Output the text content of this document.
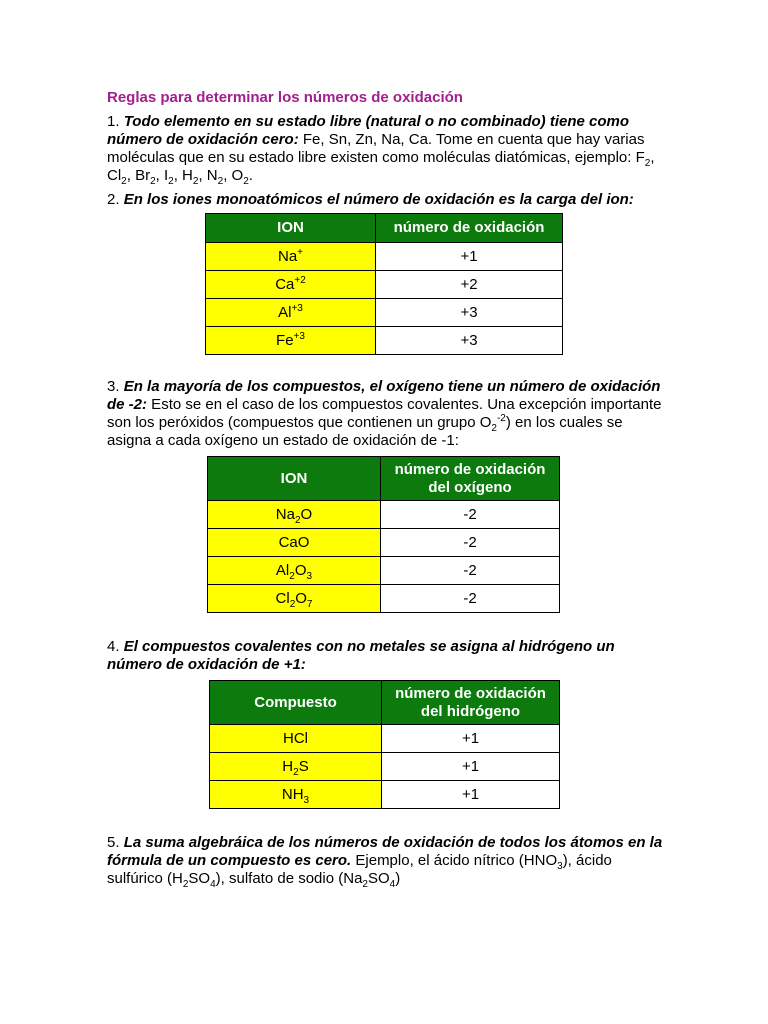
Reglas para determinar los números de oxidación
1. Todo elemento en su estado libre (natural o no combinado) tiene como número de oxidación cero: Fe, Sn, Zn, Na, Ca. Tome en cuenta que hay varias moléculas que en su estado libre existen como moléculas diatómicas, ejemplo: $F_2$, $Cl_2$, $Br_2$, $I_2$, $H_2$, $N_2$, $O_2$.
2. En los iones monoatómicos el número de oxidación es la carga del ion:
ION	número de oxidación
Na+	+1
$Ca^{+2}$	+2
$Al^{+3}$	+3
$Fe^{+3}$	+3
3. En la mayoría de los compuestos, el oxígeno tiene un número de oxidación de -2: Esto se en el caso de los compuestos covalentes. Una excepción importante son los peróxidos (compuestos que contienen un grupo $O_2^{-2}$) en los cuales se asigna a cada oxígeno un estado de oxidación de -1:
ION	número de oxidación
del oxígeno
$Na_2O$	-2
CaO	-2
$Al_2O_3$	-2
$Cl_2O_7$	-2
4. El compuestos covalentes con no metales se asigna al hidrógeno un número de oxidación de +1:
Compuesto	número de oxidación
del hidrógeno
HCl	+1
$H_2S$	+1
$NH_3$	+1
5. La suma algebráica de los números de oxidación de todos los átomos en la fórmula de un compuesto es cero. Ejemplo, el ácido nítrico $(HNO_3)$, ácido sulfúrico $(H_2SO_4)$, sulfato de sodio $(Na_2SO_4)$
